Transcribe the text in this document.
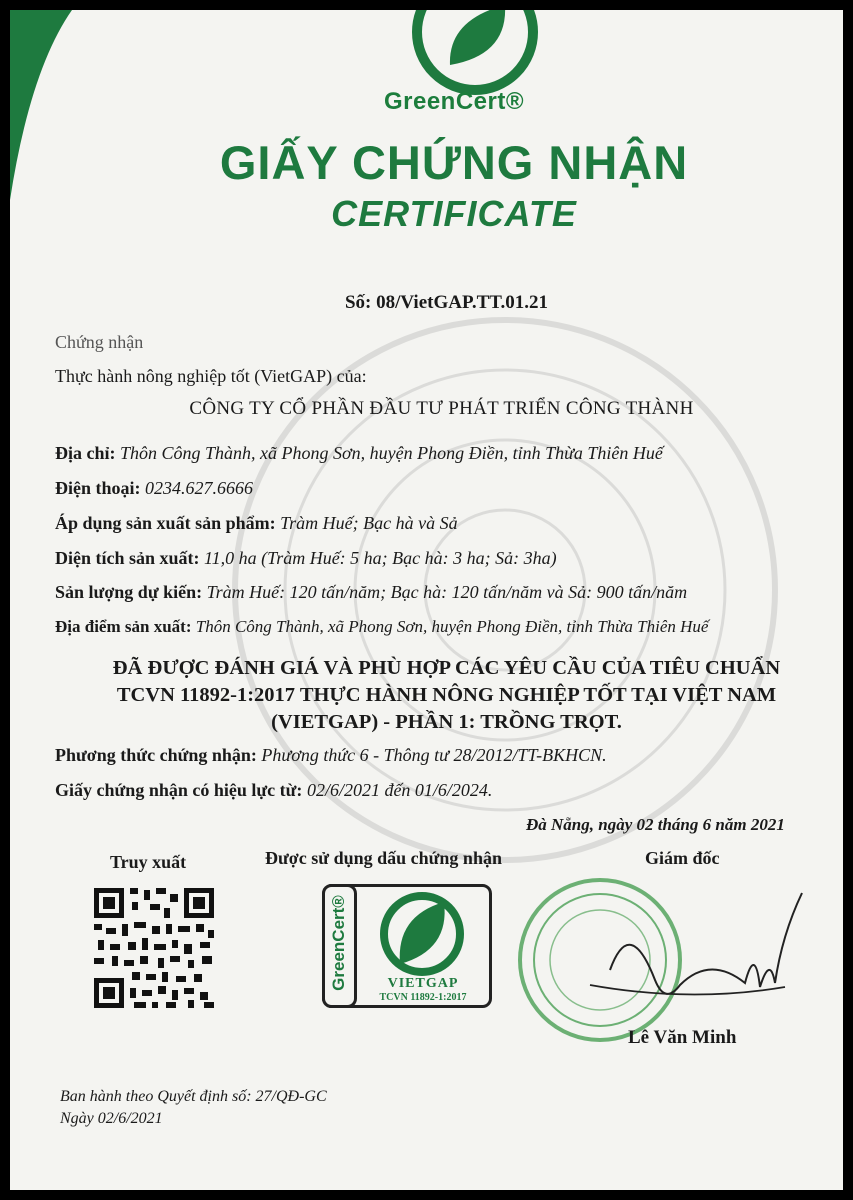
GreenCert®
GIẤY CHỨNG NHẬN
CERTIFICATE
Số: 08/VietGAP.TT.01.21
Chứng nhận
Thực hành nông nghiệp tốt (VietGAP) của:
CÔNG TY CỔ PHẦN ĐẦU TƯ PHÁT TRIỂN CÔNG THÀNH
Địa chỉ: Thôn Công Thành, xã Phong Sơn, huyện Phong Điền, tỉnh Thừa Thiên Huế
Điện thoại: 0234.627.6666
Áp dụng sản xuất sản phẩm: Tràm Huế; Bạc hà và Sả
Diện tích sản xuất: 11,0 ha (Tràm Huế: 5 ha; Bạc hà: 3 ha; Sả: 3ha)
Sản lượng dự kiến: Tràm Huế: 120 tấn/năm; Bạc hà: 120 tấn/năm và Sả: 900 tấn/năm
Địa điểm sản xuất: Thôn Công Thành, xã Phong Sơn, huyện Phong Điền, tỉnh Thừa Thiên Huế
ĐÃ ĐƯỢC ĐÁNH GIÁ VÀ PHÙ HỢP CÁC YÊU CẦU CỦA TIÊU CHUẨN
TCVN 11892-1:2017 THỰC HÀNH NÔNG NGHIỆP TỐT TẠI VIỆT NAM
(VIETGAP) - PHẦN 1: TRỒNG TRỌT.
Phương thức chứng nhận: Phương thức 6 - Thông tư 28/2012/TT-BKHCN.
Giấy chứng nhận có hiệu lực từ: 02/6/2021 đến 01/6/2024.
Đà Nẵng, ngày 02 tháng 6 năm 2021
Truy xuất	Được sử dụng dấu chứng nhận	Giám đốc
GreenCert®	VIETGAP
TCVN 11892-1:2017
Lê Văn Minh
Ban hành theo Quyết định số: 27/QĐ-GC
Ngày 02/6/2021
